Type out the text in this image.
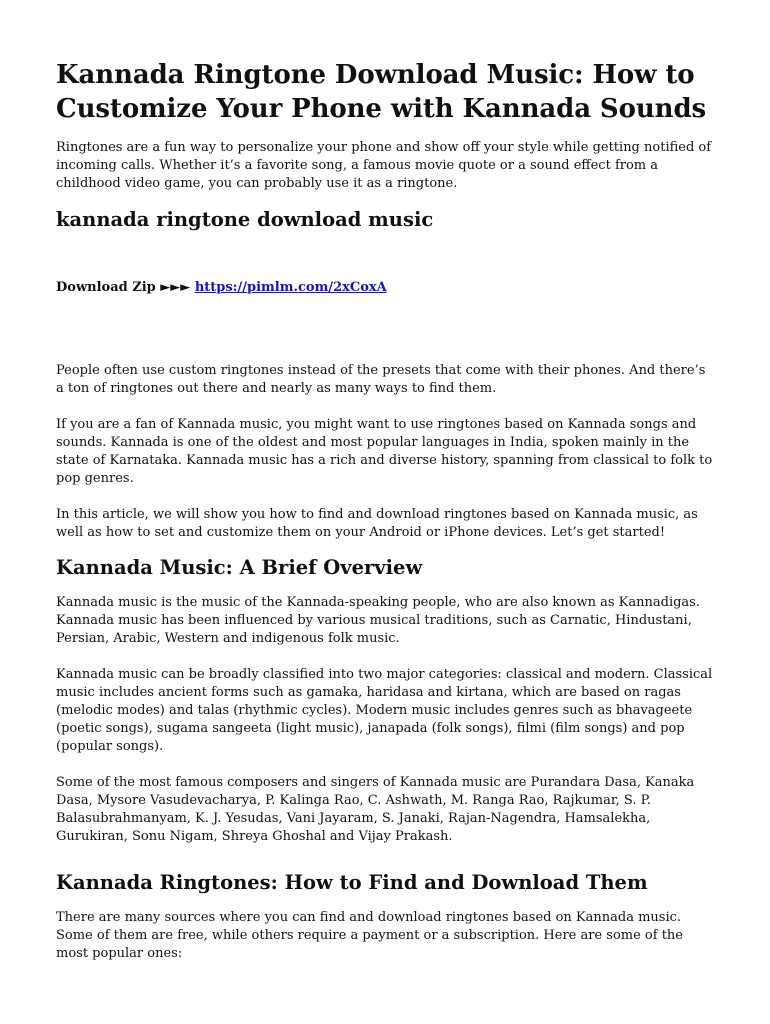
Kannada Ringtone Download Music: How to Customize Your Phone with Kannada Sounds

Ringtones are a fun way to personalize your phone and show off your style while getting notified of incoming calls. Whether it’s a favorite song, a famous movie quote or a sound effect from a childhood video game, you can probably use it as a ringtone.

kannada ringtone download music

Download Zip ►►► https://pimlm.com/2xCoxA

People often use custom ringtones instead of the presets that come with their phones. And there’s a ton of ringtones out there and nearly as many ways to find them.

If you are a fan of Kannada music, you might want to use ringtones based on Kannada songs and sounds. Kannada is one of the oldest and most popular languages in India, spoken mainly in the state of Karnataka. Kannada music has a rich and diverse history, spanning from classical to folk to pop genres.

In this article, we will show you how to find and download ringtones based on Kannada music, as well as how to set and customize them on your Android or iPhone devices. Let’s get started!

Kannada Music: A Brief Overview

Kannada music is the music of the Kannada-speaking people, who are also known as Kannadigas. Kannada music has been influenced by various musical traditions, such as Carnatic, Hindustani, Persian, Arabic, Western and indigenous folk music.

Kannada music can be broadly classified into two major categories: classical and modern. Classical music includes ancient forms such as gamaka, haridasa and kirtana, which are based on ragas (melodic modes) and talas (rhythmic cycles). Modern music includes genres such as bhavageete (poetic songs), sugama sangeeta (light music), janapada (folk songs), filmi (film songs) and pop (popular songs).

Some of the most famous composers and singers of Kannada music are Purandara Dasa, Kanaka Dasa, Mysore Vasudevacharya, P. Kalinga Rao, C. Ashwath, M. Ranga Rao, Rajkumar, S. P. Balasubrahmanyam, K. J. Yesudas, Vani Jayaram, S. Janaki, Rajan-Nagendra, Hamsalekha, Gurukiran, Sonu Nigam, Shreya Ghoshal and Vijay Prakash.

Kannada Ringtones: How to Find and Download Them

There are many sources where you can find and download ringtones based on Kannada music. Some of them are free, while others require a payment or a subscription. Here are some of the most popular ones:
